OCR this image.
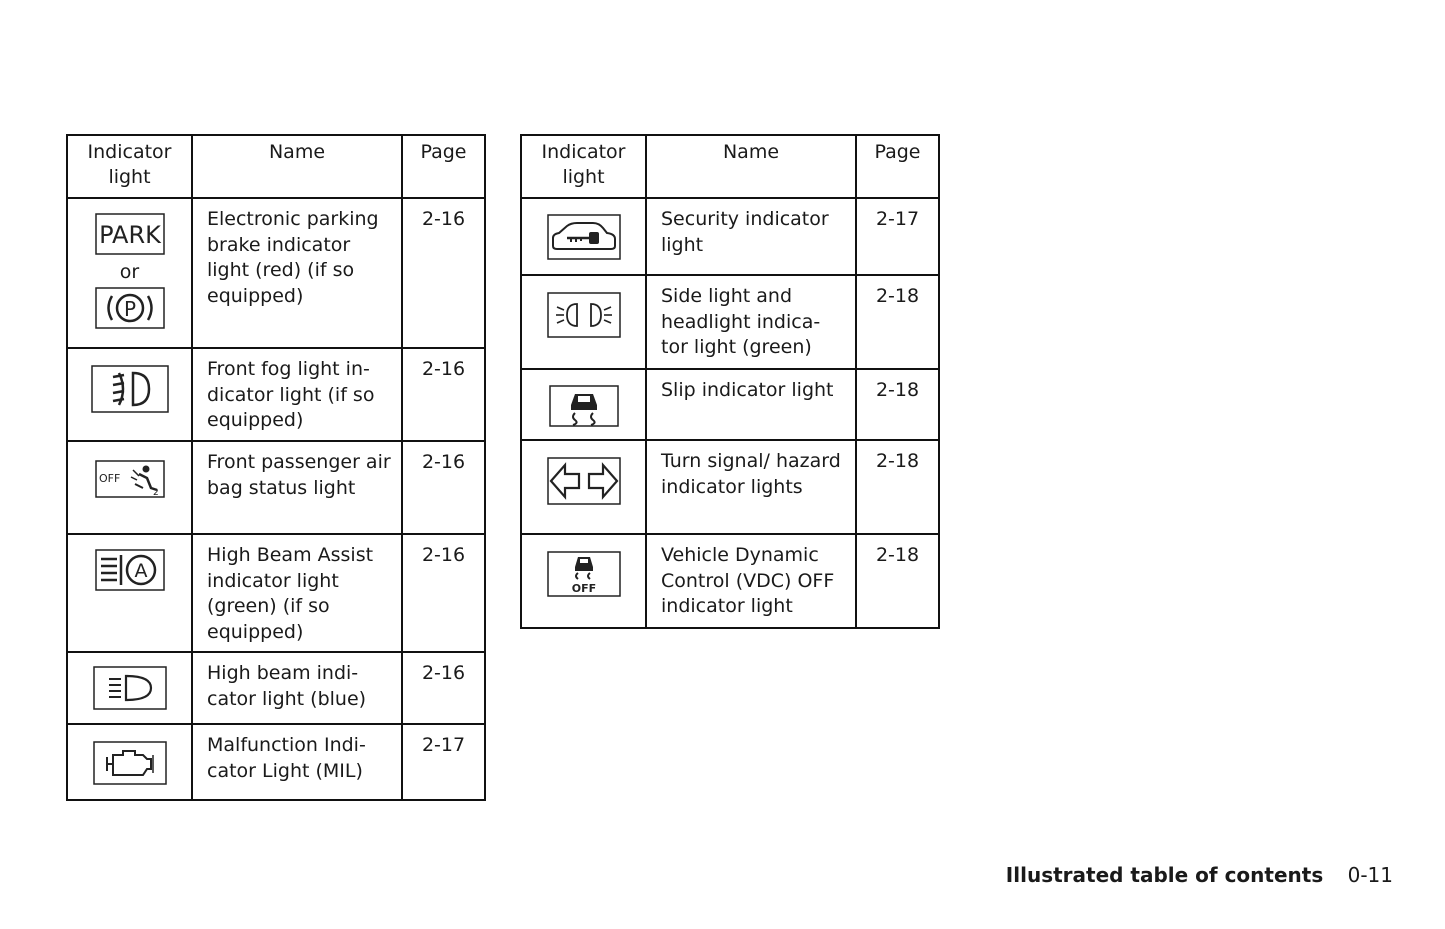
Indicator light	Name	Page

PARK
or
P	Electronic parking brake indicator light (red) (if so equipped)	2-16

	Front fog light in-dicator light (if so equipped)	2-16

OFF
2	Front passenger air bag status light	2-16

A	High Beam Assist indicator light (green) (if so equipped)	2-16

	High beam indi-cator light (blue)	2-16

	Malfunction Indi-cator Light (MIL)	2-17
Indicator light	Name	Page

	Security indicator light	2-17

	Side light and headlight indica-tor light (green)	2-18

	Slip indicator light	2-18

	Turn signal/ hazard indicator lights	2-18

OFF	Vehicle Dynamic Control (VDC) OFF indicator light	2-18
Illustrated table of contents 0-11
